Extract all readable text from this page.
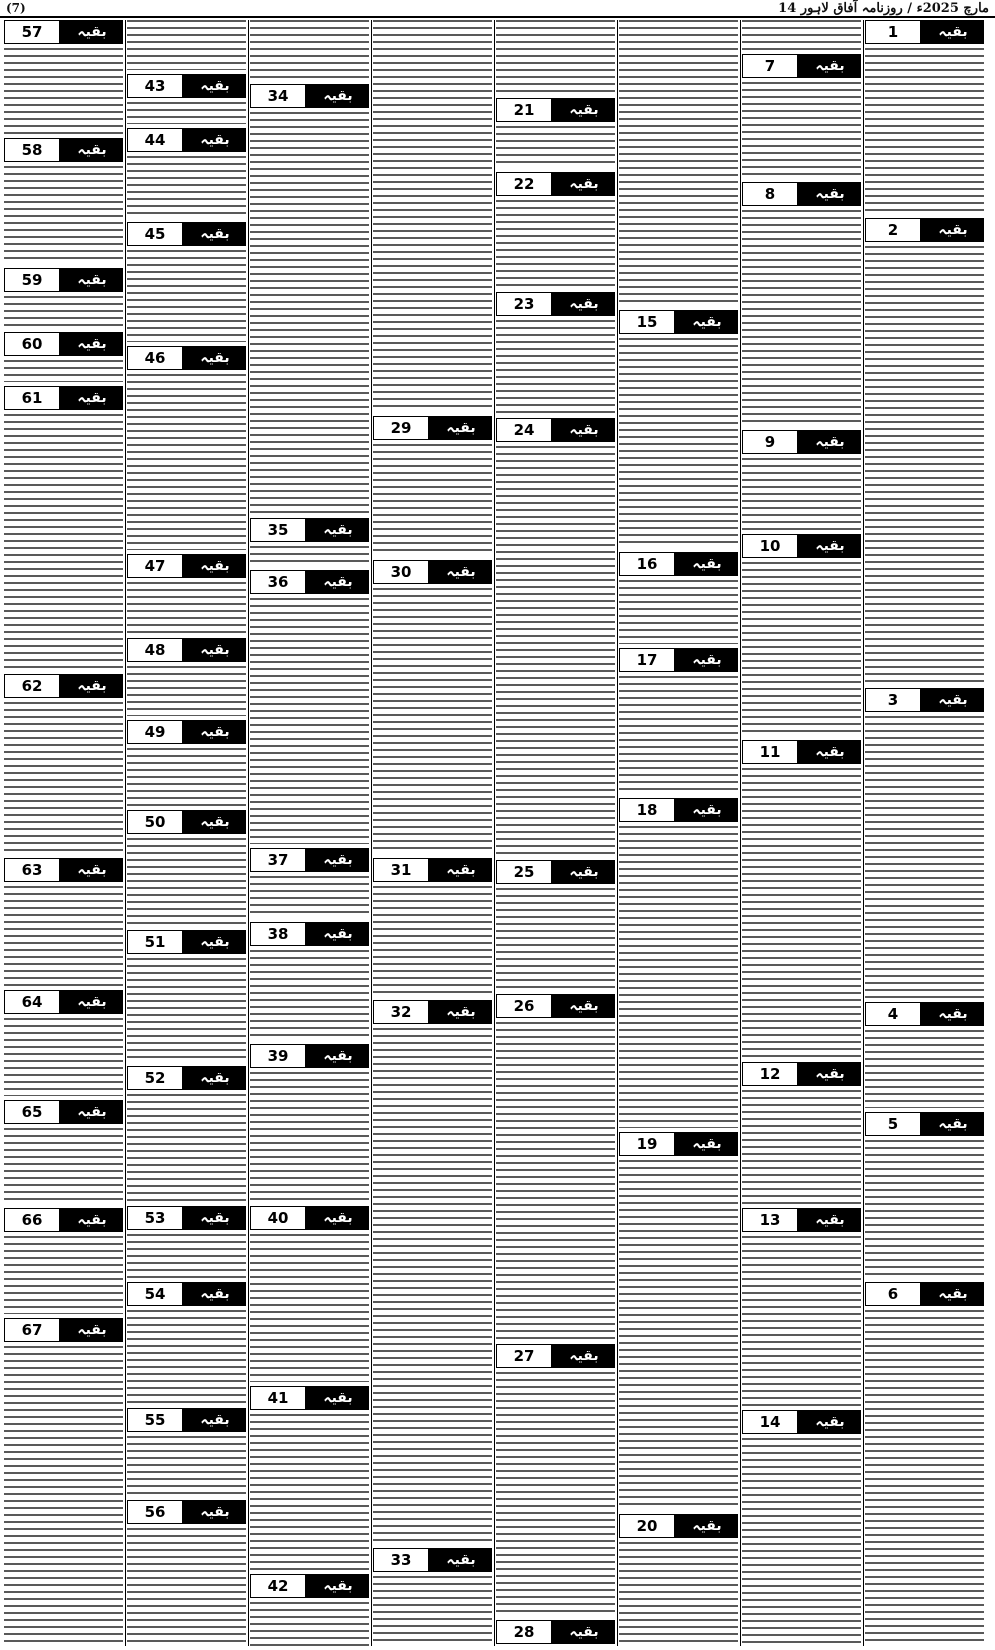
(7)	14 مارچ 2025ء / روزنامہ آفاق لاہور
1	بقیہ
2	بقیہ
3	بقیہ
4	بقیہ
5	بقیہ
6	بقیہ
7	بقیہ
8	بقیہ
9	بقیہ
10	بقیہ
11	بقیہ
12	بقیہ
13	بقیہ
14	بقیہ
15	بقیہ
16	بقیہ
17	بقیہ
18	بقیہ
19	بقیہ
20	بقیہ
21	بقیہ
22	بقیہ
23	بقیہ
24	بقیہ
25	بقیہ
26	بقیہ
27	بقیہ
28	بقیہ
29	بقیہ
30	بقیہ
31	بقیہ
32	بقیہ
33	بقیہ
34	بقیہ
35	بقیہ
36	بقیہ
37	بقیہ
38	بقیہ
39	بقیہ
40	بقیہ
41	بقیہ
42	بقیہ
43	بقیہ
44	بقیہ
45	بقیہ
46	بقیہ
47	بقیہ
48	بقیہ
49	بقیہ
50	بقیہ
51	بقیہ
52	بقیہ
53	بقیہ
54	بقیہ
55	بقیہ
56	بقیہ
57	بقیہ
58	بقیہ
59	بقیہ
60	بقیہ
61	بقیہ
62	بقیہ
63	بقیہ
64	بقیہ
65	بقیہ
66	بقیہ
67	بقیہ
